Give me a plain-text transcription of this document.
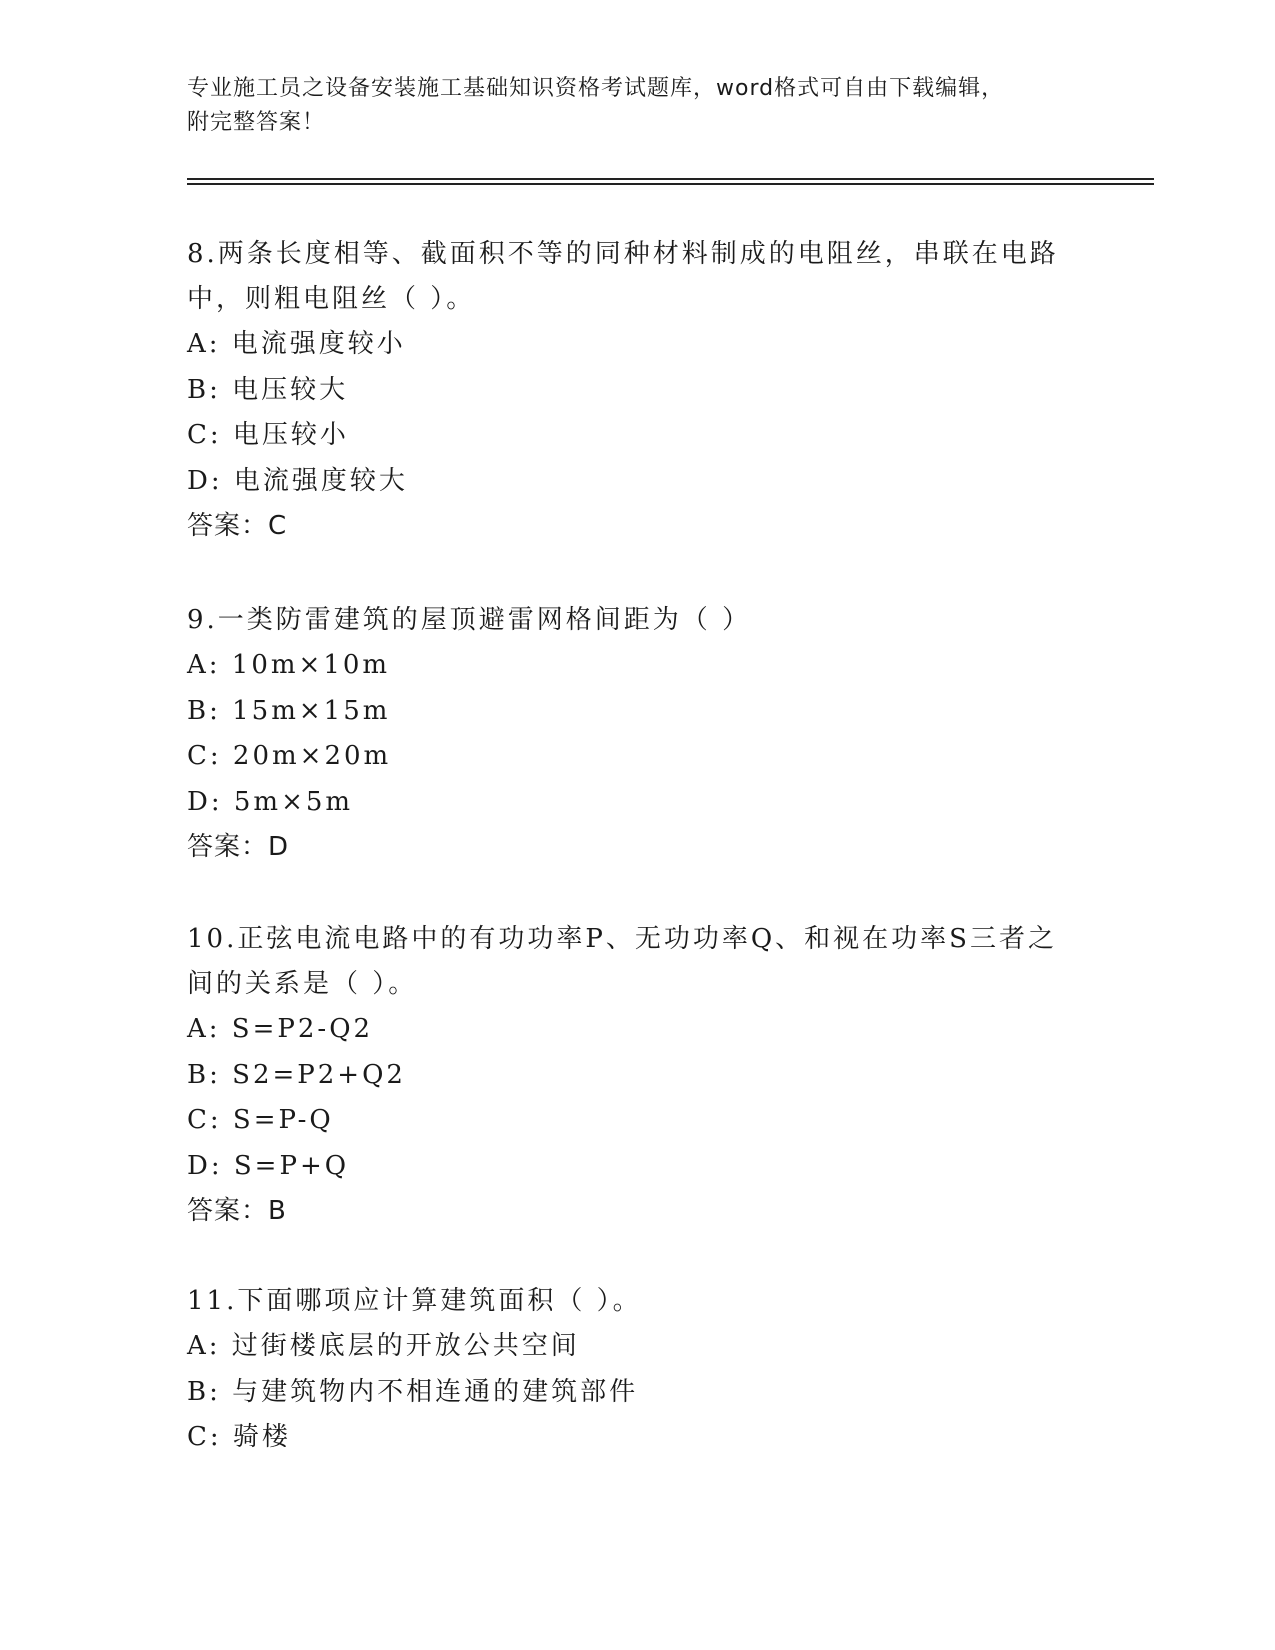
专业施工员之设备安装施工基础知识资格考试题库，word格式可自由下载编辑，
附完整答案！

8.两条长度相等、截面积不等的同种材料制成的电阻丝，串联在电路

中，则粗电阻丝（ ）。

A: 电流强度较小

B: 电压较大

C: 电压较小

D: 电流强度较大

答案：C

9.一类防雷建筑的屋顶避雷网格间距为（ ）

A: 10m×10m

B: 15m×15m

C: 20m×20m

D: 5m×5m

答案：D

10.正弦电流电路中的有功功率P、无功功率Q、和视在功率S三者之

间的关系是（ ）。

A: S=P2-Q2

B: S2=P2+Q2

C: S=P-Q

D: S=P+Q

答案：B

11.下面哪项应计算建筑面积（ ）。

A: 过街楼底层的开放公共空间

B: 与建筑物内不相连通的建筑部件

C: 骑楼
